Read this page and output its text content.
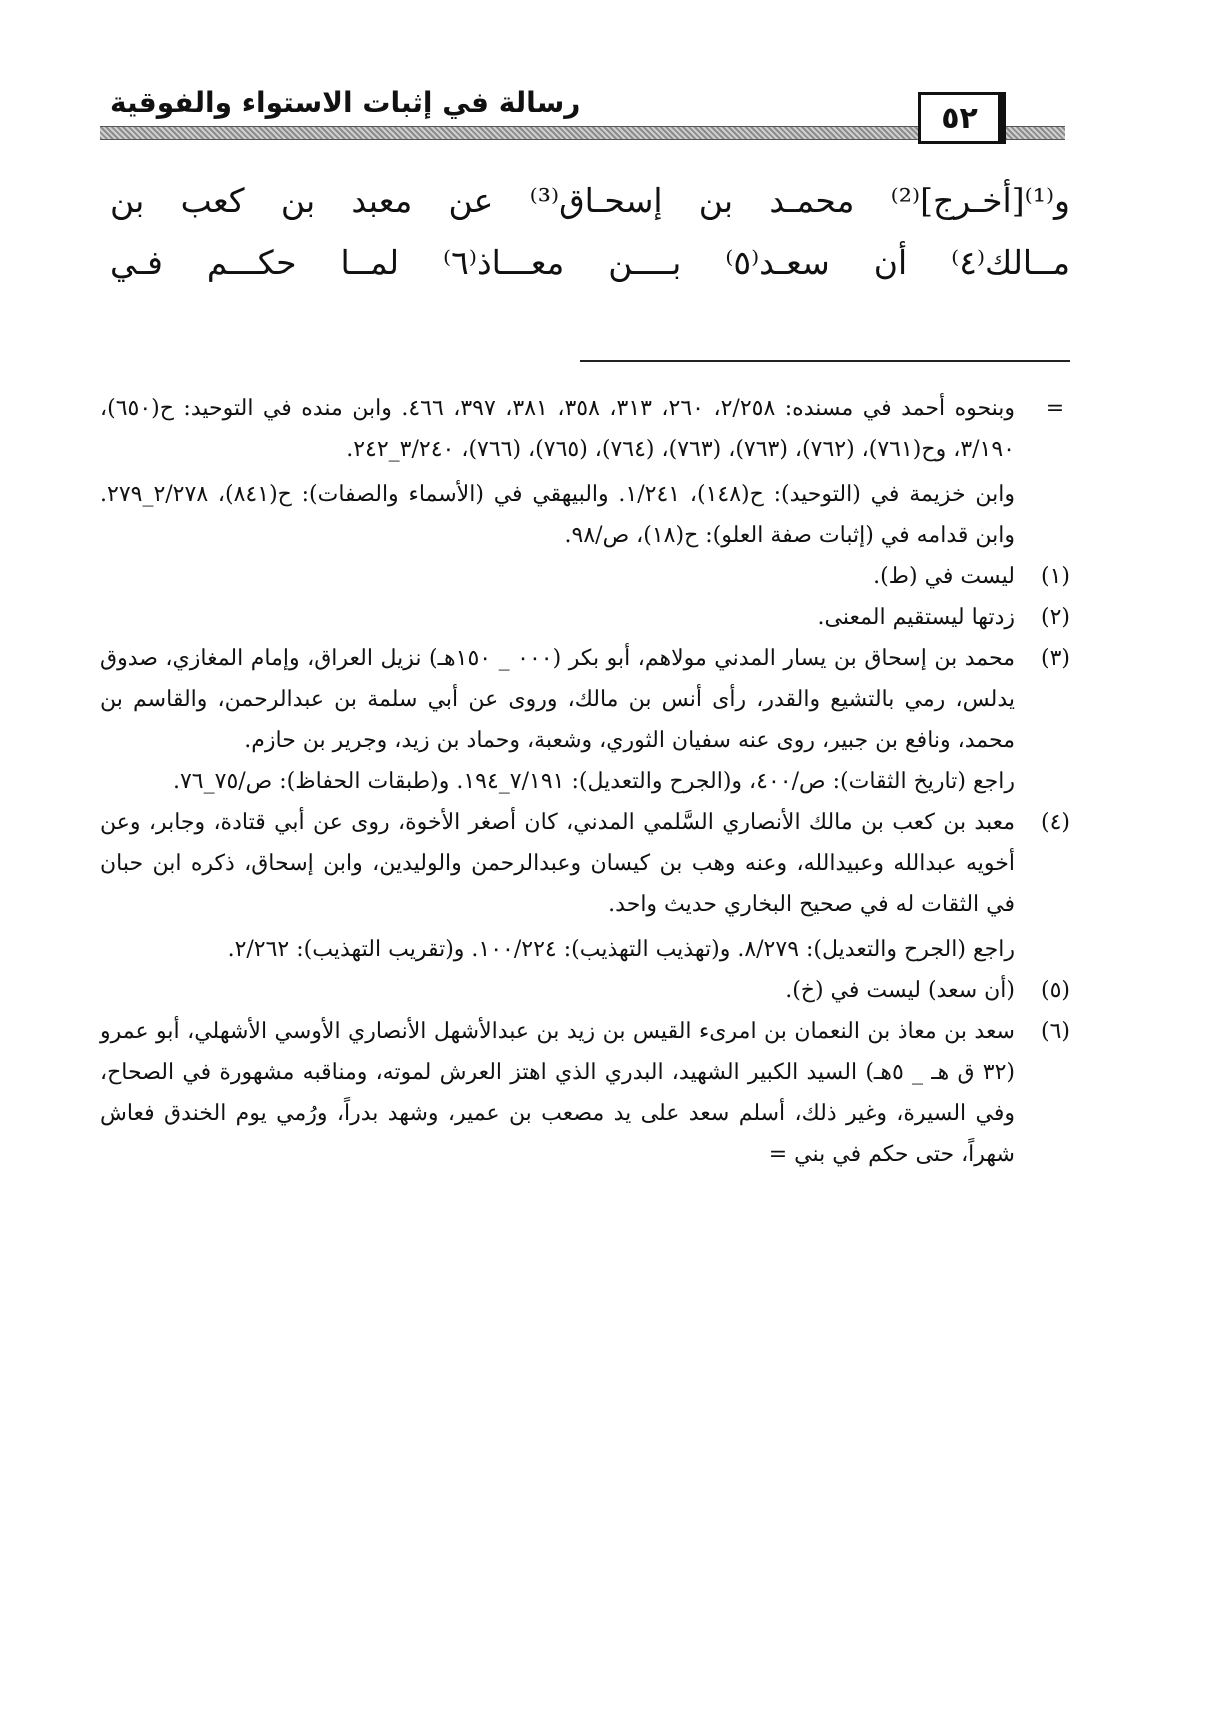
رسالة في إثبات الاستواء والفوقية	٥٢
و⁽¹⁾[أخـرج]⁽²⁾ محمـد بن إسحـاق⁽³⁾ عن معبد بن كعب بن
مــالك⁽٤⁾ أن سعـد⁽٥⁾ بــــن معـــاذ⁽٦⁾ لمــا حكـــم فـي
=
وبنحوه أحمد في مسنده: ٢/٢٥٨، ٢٦٠، ٣١٣، ٣٥٨، ٣٨١، ٣٩٧، ٤٦٦. وابن منده في التوحيد: ح(٦٥٠)، ٣/١٩٠، وح(٧٦١)، (٧٦٢)، (٧٦٣)، (٧٦٣)، (٧٦٤)، (٧٦٥)، (٧٦٦)، ٣/٢٤٠_٢٤٢.
وابن خزيمة في (التوحيد): ح(١٤٨)، ١/٢٤١. والبيهقي في (الأسماء والصفات): ح(٨٤١)، ٢/٢٧٨_٢٧٩. وابن قدامه في (إثبات صفة العلو): ح(١٨)، ص/٩٨.
(١)
ليست في (ط).
(٢)
زدتها ليستقيم المعنى.
(٣)
محمد بن إسحاق بن يسار المدني مولاهم، أبو بكر (٠٠٠ _ ١٥٠هـ) نزيل العراق، وإمام المغازي، صدوق يدلس، رمي بالتشيع والقدر، رأى أنس بن مالك، وروى عن أبي سلمة بن عبدالرحمن، والقاسم بن محمد، ونافع بن جبير، روى عنه سفيان الثوري، وشعبة، وحماد بن زيد، وجرير بن حازم.
راجع (تاريخ الثقات): ص/٤٠٠، و(الجرح والتعديل): ٧/١٩١_١٩٤. و(طبقات الحفاظ): ص/٧٥_٧٦.
(٤)
معبد بن كعب بن مالك الأنصاري السَّلمي المدني، كان أصغر الأخوة، روى عن أبي قتادة، وجابر، وعن أخويه عبدالله وعبيدالله، وعنه وهب بن كيسان وعبدالرحمن والوليدين، وابن إسحاق، ذكره ابن حبان في الثقات له في صحيح البخاري حديث واحد.
راجع (الجرح والتعديل): ٨/٢٧٩. و(تهذيب التهذيب): ١٠٠/٢٢٤. و(تقريب التهذيب): ٢/٢٦٢.
(٥)
(أن سعد) ليست في (خ).
(٦)
سعد بن معاذ بن النعمان بن امرىء القيس بن زيد بن عبدالأشهل الأنصاري الأوسي الأشهلي، أبو عمرو (٣٢ ق هـ _ ٥هـ) السيد الكبير الشهيد، البدري الذي اهتز العرش لموته، ومناقبه مشهورة في الصحاح، وفي السيرة، وغير ذلك، أسلم سعد على يد مصعب بن عمير، وشهد بدراً، ورُمي يوم الخندق فعاش شهراً، حتى حكم في بني =
